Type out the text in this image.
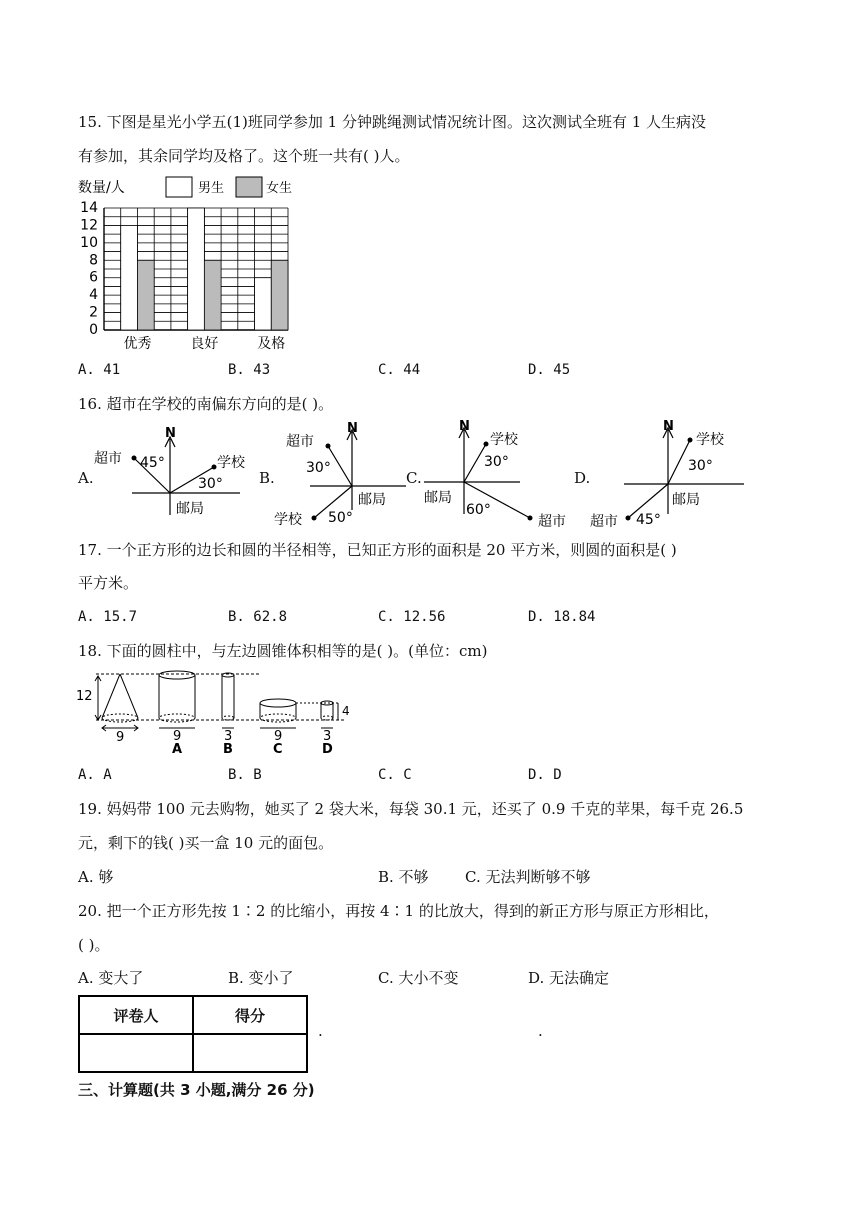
15. 下图是星光小学五(1)班同学参加 1 分钟跳绳测试情况统计图。这次测试全班有 1 人生病没
有参加，其余同学均及格了。这个班一共有( )人。
数量/人	男生	女生
0
2
4
6
8
10
12
14
优秀	良好	及格
A. 41	B. 43	C. 44	D. 45
16. 超市在学校的南偏东方向的是( )。
A.	B.	C.	D.
N
超市 45°	学校
30°
邮局
N
超市
30°
学校 50°
邮局
N
学校
30°
邮局
超市
60°
N
学校
30°
邮局
超市 45°
17. 一个正方形的边长和圆的半径相等，已知正方形的面积是 20 平方米，则圆的面积是( )
平方米。
A. 15.7	B. 62.8	C. 12.56	D. 18.84
18. 下面的圆柱中，与左边圆锥体积相等的是( )。(单位：cm)
12
9	9
A
3
B
9
C
4
3
D
A. A	B. B	C. C	D. D
19. 妈妈带 100 元去购物，她买了 2 袋大米，每袋 30.1 元，还买了 0.9 千克的苹果，每千克 26.5
元，剩下的钱( )买一盒 10 元的面包。
A. 够	B. 不够 C. 无法判断够不够
20. 把一个正方形先按 1∶2 的比缩小，再按 4∶1 的比放大，得到的新正方形与原正方形相比，
( )。
A. 变大了	B. 变小了	C. 大小不变	D. 无法确定
评卷人	得分

.	.
三、计算题(共 3 小题,满分 26 分)
